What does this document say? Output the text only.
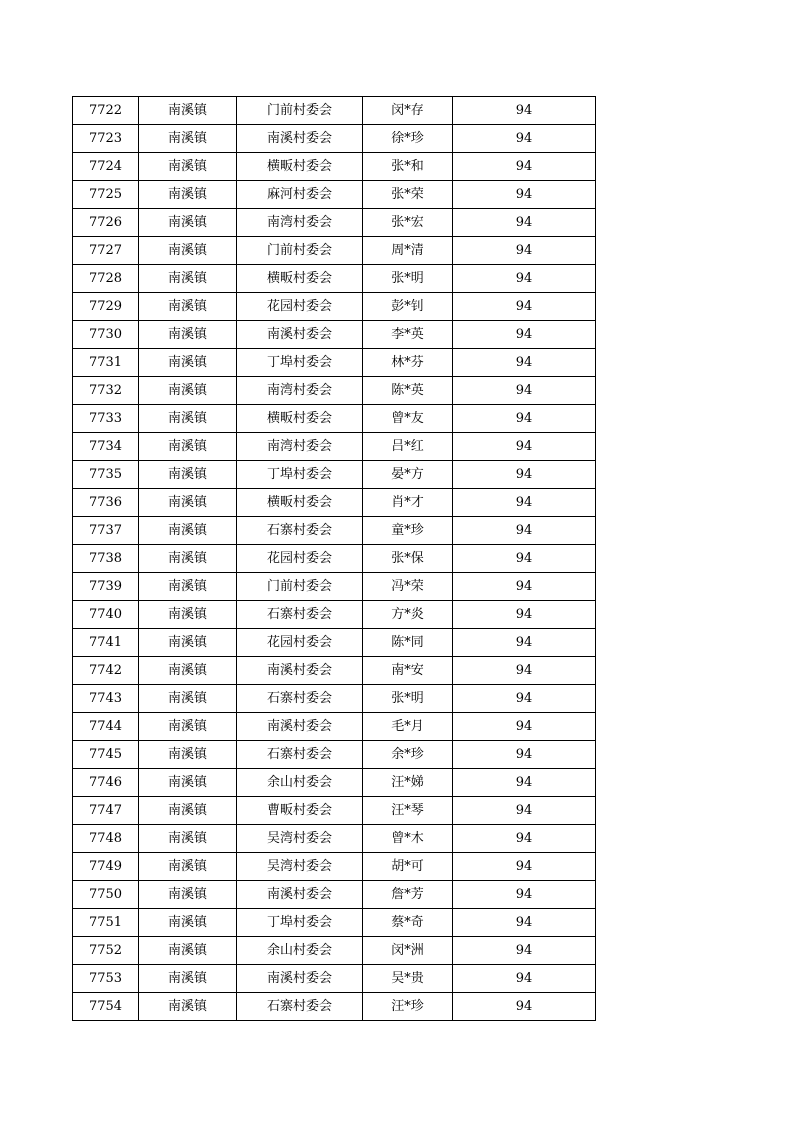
7722	南溪镇	门前村委会	闵*存	94
7723	南溪镇	南溪村委会	徐*珍	94
7724	南溪镇	横畈村委会	张*和	94
7725	南溪镇	麻河村委会	张*荣	94
7726	南溪镇	南湾村委会	张*宏	94
7727	南溪镇	门前村委会	周*清	94
7728	南溪镇	横畈村委会	张*明	94
7729	南溪镇	花园村委会	彭*钊	94
7730	南溪镇	南溪村委会	李*英	94
7731	南溪镇	丁埠村委会	林*芬	94
7732	南溪镇	南湾村委会	陈*英	94
7733	南溪镇	横畈村委会	曾*友	94
7734	南溪镇	南湾村委会	吕*红	94
7735	南溪镇	丁埠村委会	晏*方	94
7736	南溪镇	横畈村委会	肖*才	94
7737	南溪镇	石寨村委会	童*珍	94
7738	南溪镇	花园村委会	张*保	94
7739	南溪镇	门前村委会	冯*荣	94
7740	南溪镇	石寨村委会	方*炎	94
7741	南溪镇	花园村委会	陈*同	94
7742	南溪镇	南溪村委会	南*安	94
7743	南溪镇	石寨村委会	张*明	94
7744	南溪镇	南溪村委会	毛*月	94
7745	南溪镇	石寨村委会	余*珍	94
7746	南溪镇	余山村委会	汪*娣	94
7747	南溪镇	曹畈村委会	汪*琴	94
7748	南溪镇	吴湾村委会	曾*木	94
7749	南溪镇	吴湾村委会	胡*可	94
7750	南溪镇	南溪村委会	詹*芳	94
7751	南溪镇	丁埠村委会	蔡*奇	94
7752	南溪镇	余山村委会	闵*洲	94
7753	南溪镇	南溪村委会	吴*贵	94
7754	南溪镇	石寨村委会	汪*珍	94
